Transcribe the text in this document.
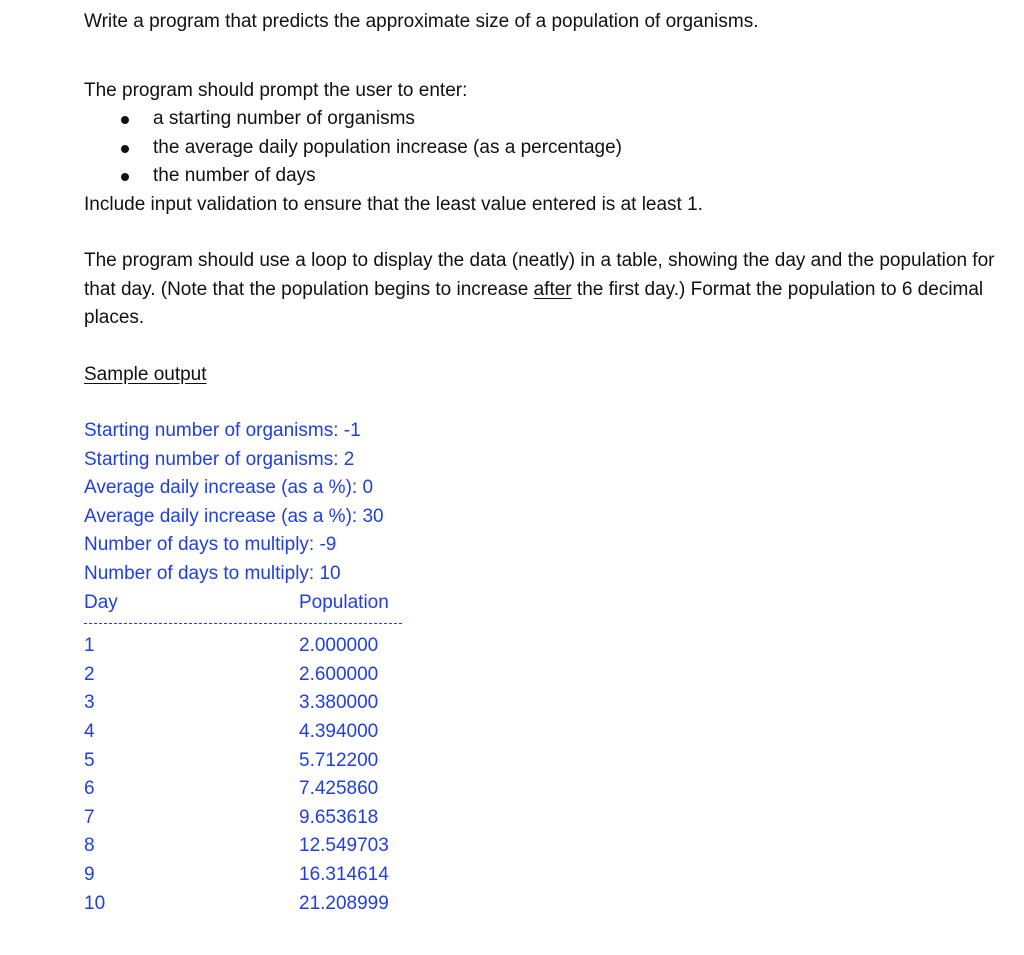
Write a program that predicts the approximate size of a population of organisms.

The program should prompt the user to enter:

a starting number of organisms
the average daily population increase (as a percentage)
the number of days

Include input validation to ensure that the least value entered is at least 1.

The program should use a loop to display the data (neatly) in a table, showing the day and the population for that day. (Note that the population begins to increase after the first day.) Format the population to 6 decimal places.

Sample output

Starting number of organisms: -1
Starting number of organisms: 2
Average daily increase (as a %): 0
Average daily increase (as a %): 30
Number of days to multiply: -9
Number of days to multiply: 10
Day	Population
1	2.000000
2	2.600000
3	3.380000
4	4.394000
5	5.712200
6	7.425860
7	9.653618
8	12.549703
9	16.314614
10	21.208999
